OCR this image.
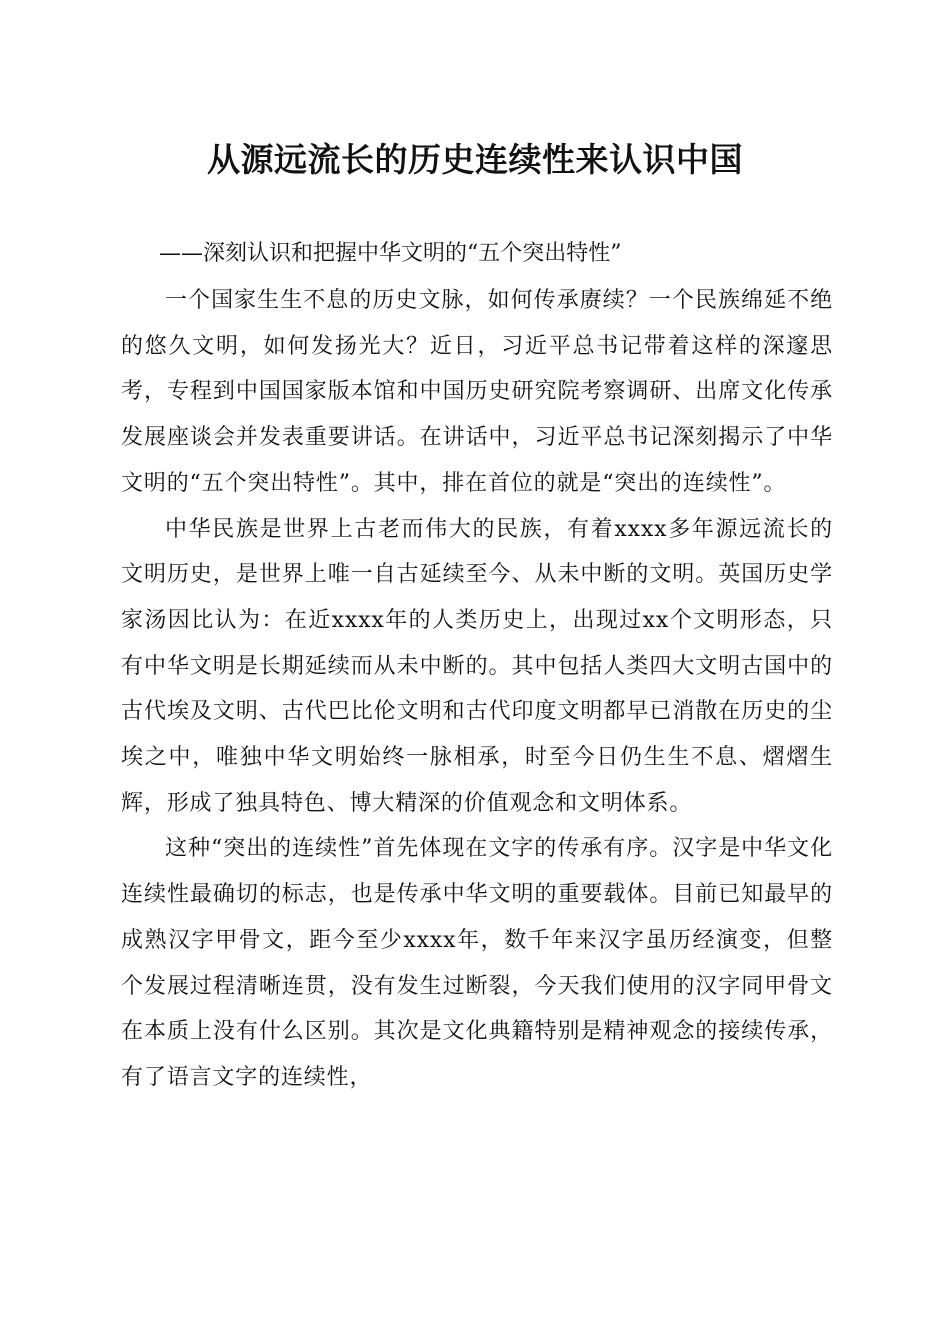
从源远流长的历史连续性来认识中国
——深刻认识和把握中华文明的“五个突出特性”

一个国家生生不息的历史文脉，如何传承赓续？一个民族绵延不绝的悠久文明，如何发扬光大？近日，习近平总书记带着这样的深邃思考，专程到中国国家版本馆和中国历史研究院考察调研、出席文化传承发展座谈会并发表重要讲话。在讲话中，习近平总书记深刻揭示了中华文明的“五个突出特性”。其中，排在首位的就是“突出的连续性”。

中华民族是世界上古老而伟大的民族，有着xxxx多年源远流长的文明历史，是世界上唯一自古延续至今、从未中断的文明。英国历史学家汤因比认为：在近xxxx年的人类历史上，出现过xx个文明形态，只有中华文明是长期延续而从未中断的。其中包括人类四大文明古国中的古代埃及文明、古代巴比伦文明和古代印度文明都早已消散在历史的尘埃之中，唯独中华文明始终一脉相承，时至今日仍生生不息、熠熠生辉，形成了独具特色、博大精深的价值观念和文明体系。

这种“突出的连续性”首先体现在文字的传承有序。汉字是中华文化连续性最确切的标志，也是传承中华文明的重要载体。目前已知最早的成熟汉字甲骨文，距今至少xxxx年，数千年来汉字虽历经演变，但整个发展过程清晰连贯，没有发生过断裂，今天我们使用的汉字同甲骨文在本质上没有什么区别。其次是文化典籍特别是精神观念的接续传承，有了语言文字的连续性，
